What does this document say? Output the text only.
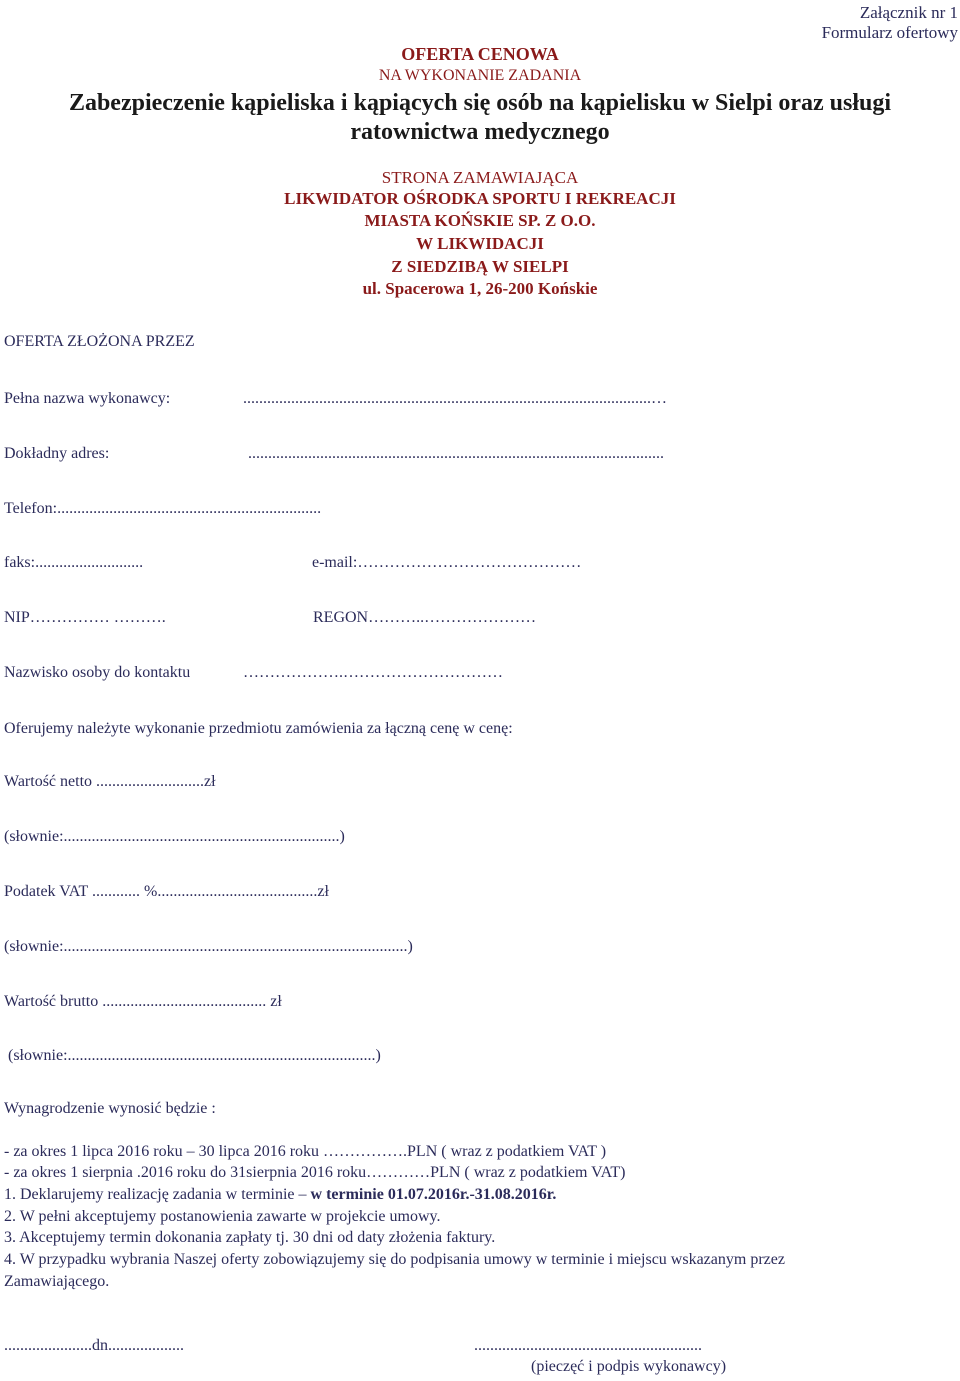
Załącznik nr 1
Formularz ofertowy
OFERTA CENOWA
NA WYKONANIE ZADANIA
Zabezpieczenie kąpieliska i kąpiących się osób na kąpielisku w Sielpi oraz usługi
ratownictwa medycznego
STRONA ZAMAWIAJĄCA
LIKWIDATOR OŚRODKA SPORTU I REKREACJI
MIASTA KOŃSKIE SP. Z O.O.
W LIKWIDACJI
Z SIEDZIBĄ W SIELPI
ul. Spacerowa 1, 26-200 Końskie
OFERTA ZŁOŻONA PRZEZ
Pełna nazwa wykonawcy:	......................................................................................................…
Dokładny adres:	........................................................................................................
Telefon:..................................................................
faks:...........................	e-mail:……………………………………
NIP…………… ……….	REGON………..…………………
Nazwisko osoby do kontaktu	……………….…………………………
Oferujemy należyte wykonanie przedmiotu zamówienia za łączną cenę w cenę:
Wartość netto ...........................zł
(słownie:.....................................................................)
Podatek VAT ............ %........................................zł
(słownie:......................................................................................)
Wartość brutto ......................................... zł
(słownie:.............................................................................)
Wynagrodzenie wynosić będzie :
- za okres 1 lipca 2016 roku – 30 lipca 2016 roku …………….PLN ( wraz z podatkiem VAT )
- za okres 1 sierpnia .2016 roku do 31sierpnia 2016 roku…………PLN ( wraz z podatkiem VAT)
1. Deklarujemy realizację zadania w terminie – w terminie 01.07.2016r.-31.08.2016r.
2. W pełni akceptujemy postanowienia zawarte w projekcie umowy.
3. Akceptujemy termin dokonania zapłaty tj. 30 dni od daty złożenia faktury.
4. W przypadku wybrania Naszej oferty zobowiązujemy się do podpisania umowy w terminie i miejscu wskazanym przez
Zamawiającego.
......................dn...................	.........................................................
(pieczęć i podpis wykonawcy)
